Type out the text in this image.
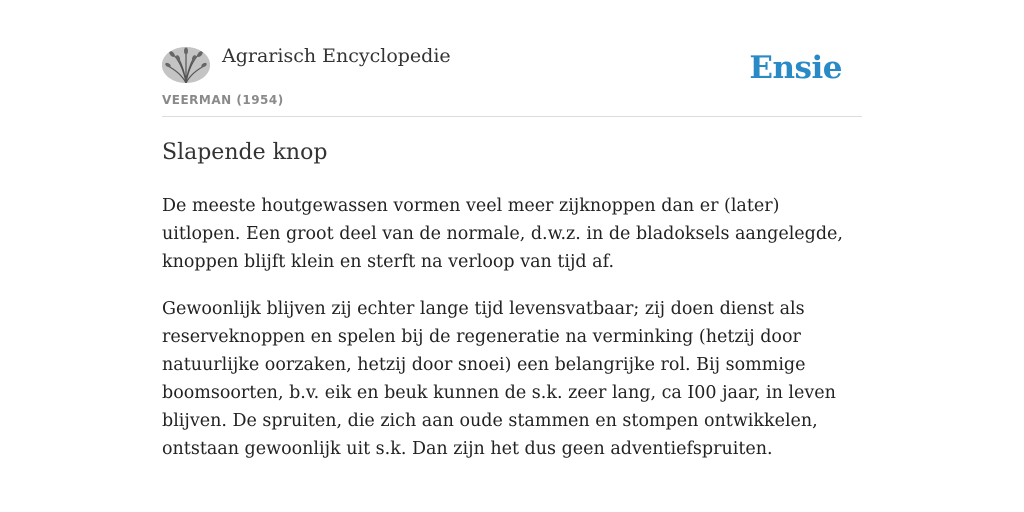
Agrarisch Encyclopedie
VEERMAN (1954)
Ensie
Slapende knop

De meeste houtgewassen vormen veel meer zijknoppen dan er (later) uitlopen. Een groot deel van de normale, d.w.z. in de bladoksels aangelegde, knoppen blijft klein en sterft na verloop van tijd af.

Gewoonlijk blijven zij echter lange tijd levensvatbaar; zij doen dienst als reserveknoppen en spelen bij de regeneratie na verminking (hetzij door natuurlijke oorzaken, hetzij door snoei) een belangrijke rol. Bij sommige boomsoorten, b.v. eik en beuk kunnen de s.k. zeer lang, ca I00 jaar, in leven blijven. De spruiten, die zich aan oude stammen en stompen ontwikkelen, ontstaan gewoonlijk uit s.k. Dan zijn het dus geen adventiefspruiten.
